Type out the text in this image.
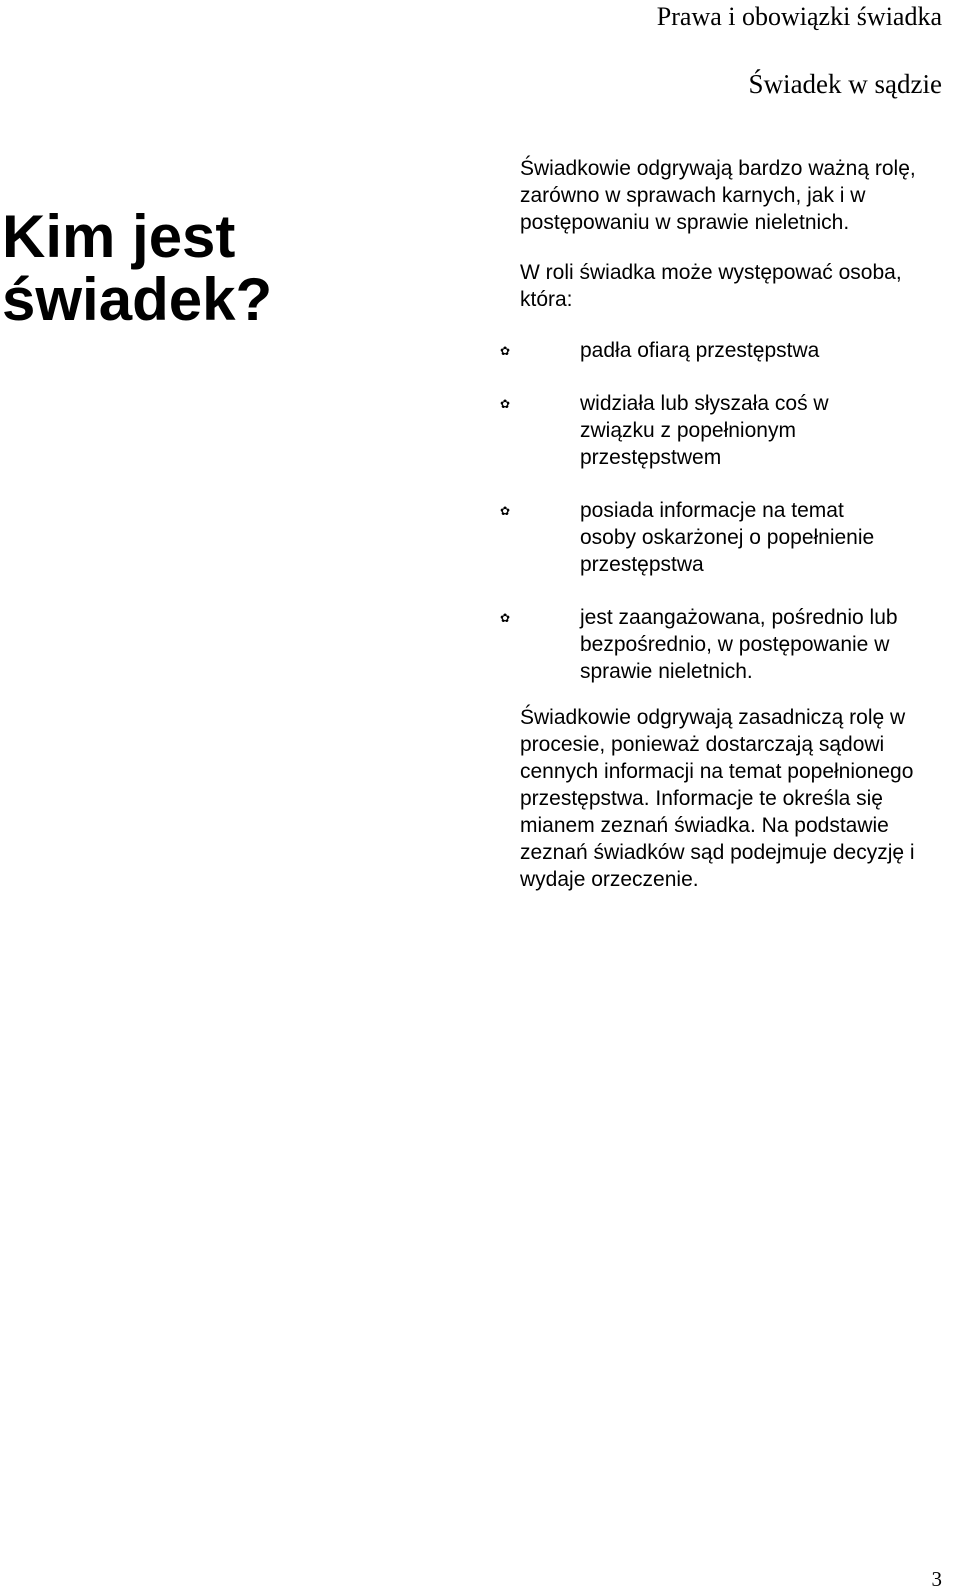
Prawa i obowiązki świadka
Świadek w sądzie
Kim jest
świadek?

Świadkowie odgrywają bardzo ważną rolę,
zarówno w sprawach karnych, jak i w
postępowaniu w sprawie nieletnich.

W roli świadka może występować osoba,
która:

✿	padła ofiarą przestępstwa
✿	widziała lub słyszała coś w
związku z popełnionym
przestępstwem
✿	posiada informacje na temat
osoby oskarżonej o popełnienie
przestępstwa
✿	jest zaangażowana, pośrednio lub
bezpośrednio, w postępowanie w
sprawie nieletnich.

Świadkowie odgrywają zasadniczą rolę w
procesie, ponieważ dostarczają sądowi
cennych informacji na temat popełnionego
przestępstwa. Informacje te określa się
mianem zeznań świadka. Na podstawie
zeznań świadków sąd podejmuje decyzję i
wydaje orzeczenie.

3
